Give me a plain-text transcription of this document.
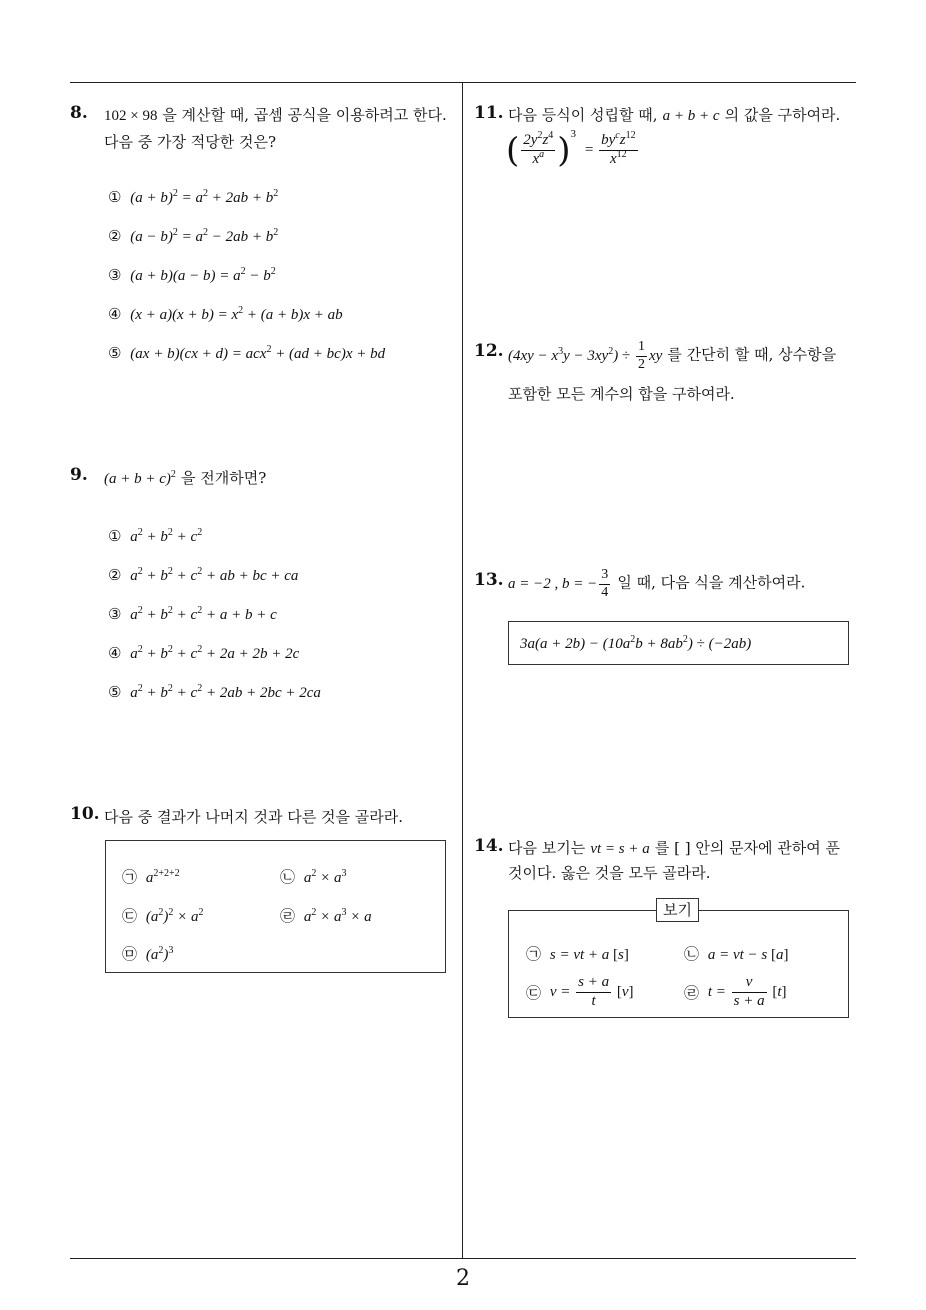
8. 102 × 98 을 계산할 때, 곱셈 공식을 이용하려고 한다.
다음 중 가장 적당한 것은?
①  $(a + b)^2 = a^2 + 2ab + b^2$
②  $(a - b)^2 = a^2 - 2ab + b^2$
③  $(a + b)(a - b) = a^2 - b^2$
④  $(x + a)(x + b) = x^2 + (a + b)x$ + ab
⑤  (ax + b)(cx + d) = acx$^2$ + (ad + bc)x + bd
9. $(a + b + c)^2$ 을 전개하면?
①  $a^2 + b^2 + c^2$
②  $a^2 + b^2 + c^2$ + ab + bc + ca
③  $a^2 + b^2 + c^2 + a + b + c$
④  $a^2 + b^2 + c^2 + 2a + 2b + 2c$
⑤  $a^2 + b^2 + c^2 + 2ab + 2bc + 2ca$
10. 다음 중 결과가 나머지 것과 다른 것을 골라라.
㉠  $a^{2+2+2}$	㉡  $a^2 \times a^3$
㉢  $(a^2)^2 \times a^2$	㉣  $a^2 \times a^3 \times a$
㉤  $(a^2)^3$
11. 다음 등식이 성립할 때, a + b + c 의 값을 구하여라.
( $\frac{2y^2z^4}{x^a} )^3 = \frac{by^cz^{12}}{x^{12}}$
12. $(4xy - x^3y - 3xy^2) \div \frac{1}{2}$ xy 를 간단히 할 때, 상수항을
포함한 모든 계수의 합을 구하여라.
13. a = −2 , b = − $\frac{3}{4}$ 일 때, 다음 식을 계산하여라.
$3a(a + 2b) - (10a^2b + 8ab^2) \div (-2ab)$
14. 다음 보기는 vt = s + a 를 [ ] 안의 문자에 관하여 푼
것이다. 옳은 것을 모두 골라라.
보기
㉠  s = vt + a [s]	㉡  a = vt − s [a]
㉢  $v = \frac{s + a}{t} [v]$	㉣  $t = \frac{v}{s + a} [t]$
2
